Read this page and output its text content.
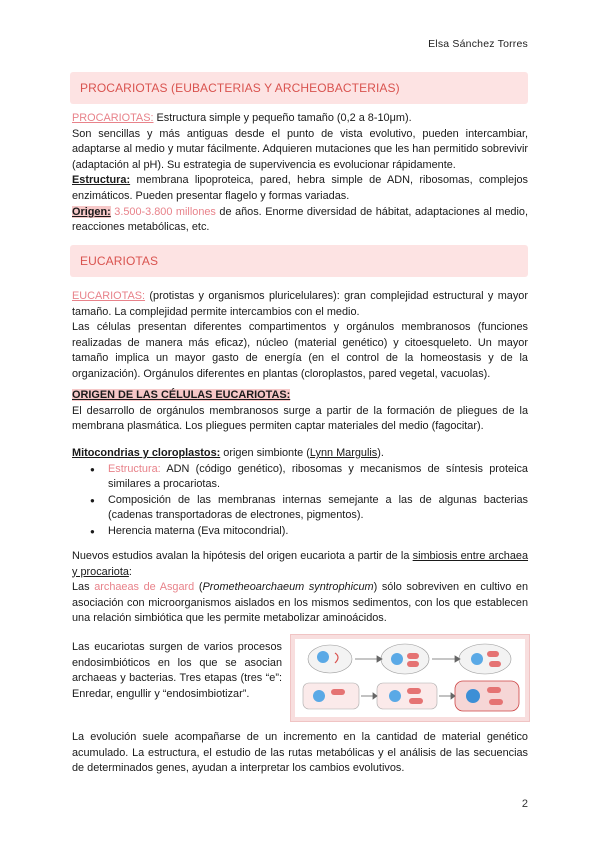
Elsa Sánchez Torres
PROCARIOTAS (EUBACTERIAS Y ARCHEOBACTERIAS)

PROCARIOTAS: Estructura simple y pequeño tamaño (0,2 a 8-10μm).

Son sencillas y más antiguas desde el punto de vista evolutivo, pueden intercambiar, adaptarse al medio y mutar fácilmente. Adquieren mutaciones que les han permitido sobrevivir (adaptación al pH). Su estrategia de supervivencia es evolucionar rápidamente.

Estructura: membrana lipoproteica, pared, hebra simple de ADN, ribosomas, complejos enzimáticos. Pueden presentar flagelo y formas variadas.

Origen: 3.500-3.800 millones de años. Enorme diversidad de hábitat, adaptaciones al medio, reacciones metabólicas, etc.

EUCARIOTAS

EUCARIOTAS: (protistas y organismos pluricelulares): gran complejidad estructural y mayor tamaño. La complejidad permite intercambios con el medio.

Las células presentan diferentes compartimentos y orgánulos membranosos (funciones realizadas de manera más eficaz), núcleo (material genético) y citoesqueleto. Un mayor tamaño implica un mayor gasto de energía (en el control de la homeostasis y de la organización). Orgánulos diferentes en plantas (cloroplastos, pared vegetal, vacuolas).

ORIGEN DE LAS CÉLULAS EUCARIOTAS:

El desarrollo de orgánulos membranosos surge a partir de la formación de pliegues de la membrana plasmática. Los pliegues permiten captar materiales del medio (fagocitar).

Mitocondrias y cloroplastos: origen simbionte (Lynn Margulis).

● Estructura: ADN (código genético), ribosomas y mecanismos de síntesis proteica similares a procariotas.
● Composición de las membranas internas semejante a las de algunas bacterias (cadenas transportadoras de electrones, pigmentos).
● Herencia materna (Eva mitocondrial).

Nuevos estudios avalan la hipótesis del origen eucariota a partir de la simbiosis entre archaea y procariota:

Las archaeas de Asgard (Prometheoarchaeum syntrophicum) sólo sobreviven en cultivo en asociación con microorganismos aislados en los mismos sedimentos, con los que establecen una relación simbiótica que les permite metabolizar aminoácidos.

Las eucariotas surgen de varios procesos endosimbióticos en los que se asocian archaeas y bacterias. Tres etapas (tres “e”: Enredar, engullir y “endosimbiotizar”.

La evolución suele acompañarse de un incremento en la cantidad de material genético acumulado. La estructura, el estudio de las rutas metabólicas y el análisis de las secuencias de determinados genes, ayudan a interpretar los cambios evolutivos.

2
